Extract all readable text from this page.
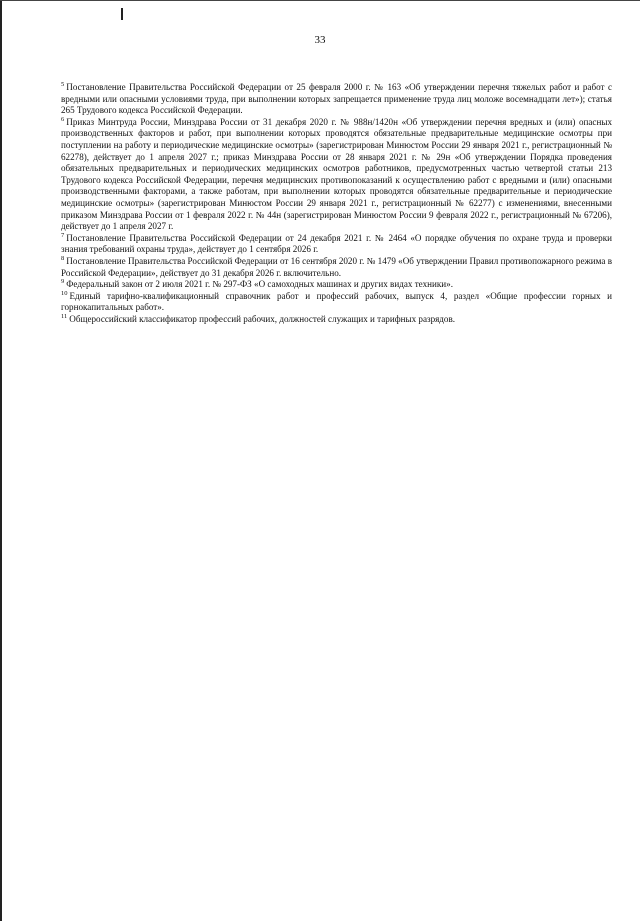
33

$^5$ Постановление Правительства Российской Федерации от 25 февраля 2000 г. № 163 «Об утверждении перечня тяжелых работ и работ с вредными или опасными условиями труда, при выполнении которых запрещается применение труда лиц моложе восемнадцати лет»); статья 265 Трудового кодекса Российской Федерации.

$^6$ Приказ Минтруда России, Минздрава России от 31 декабря 2020 г. № 988н/1420н «Об утверждении перечня вредных и (или) опасных производственных факторов и работ, при выполнении которых проводятся обязательные предварительные медицинские осмотры при поступлении на работу и периодические медицинские осмотры» (зарегистрирован Минюстом России 29 января 2021 г., регистрационный № 62278), действует до 1 апреля 2027 г.; приказ Минздрава России от 28 января 2021 г. № 29н «Об утверждении Порядка проведения обязательных предварительных и периодических медицинских осмотров работников, предусмотренных частью четвертой статьи 213 Трудового кодекса Российской Федерации, перечня медицинских противопоказаний к осуществлению работ с вредными и (или) опасными производственными факторами, а также работам, при выполнении которых проводятся обязательные предварительные и периодические медицинские осмотры» (зарегистрирован Минюстом России 29 января 2021 г., регистрационный № 62277) с изменениями, внесенными приказом Минздрава России от 1 февраля 2022 г. № 44н (зарегистрирован Минюстом России 9 февраля 2022 г., регистрационный № 67206), действует до 1 апреля 2027 г.

$^7$ Постановление Правительства Российской Федерации от 24 декабря 2021 г. № 2464 «О порядке обучения по охране труда и проверки знания требований охраны труда», действует до 1 сентября 2026 г.

$^8$ Постановление Правительства Российской Федерации от 16 сентября 2020 г. № 1479 «Об утверждении Правил противопожарного режима в Российской Федерации», действует до 31 декабря 2026 г. включительно.

$^9$ Федеральный закон от 2 июля 2021 г. № 297-ФЗ «О самоходных машинах и других видах техники».

$^{10}$ Единый тарифно-квалификационный справочник работ и профессий рабочих, выпуск 4, раздел «Общие профессии горных и горнокапитальных работ».

$^{11}$ Общероссийский классификатор профессий рабочих, должностей служащих и тарифных разрядов.
